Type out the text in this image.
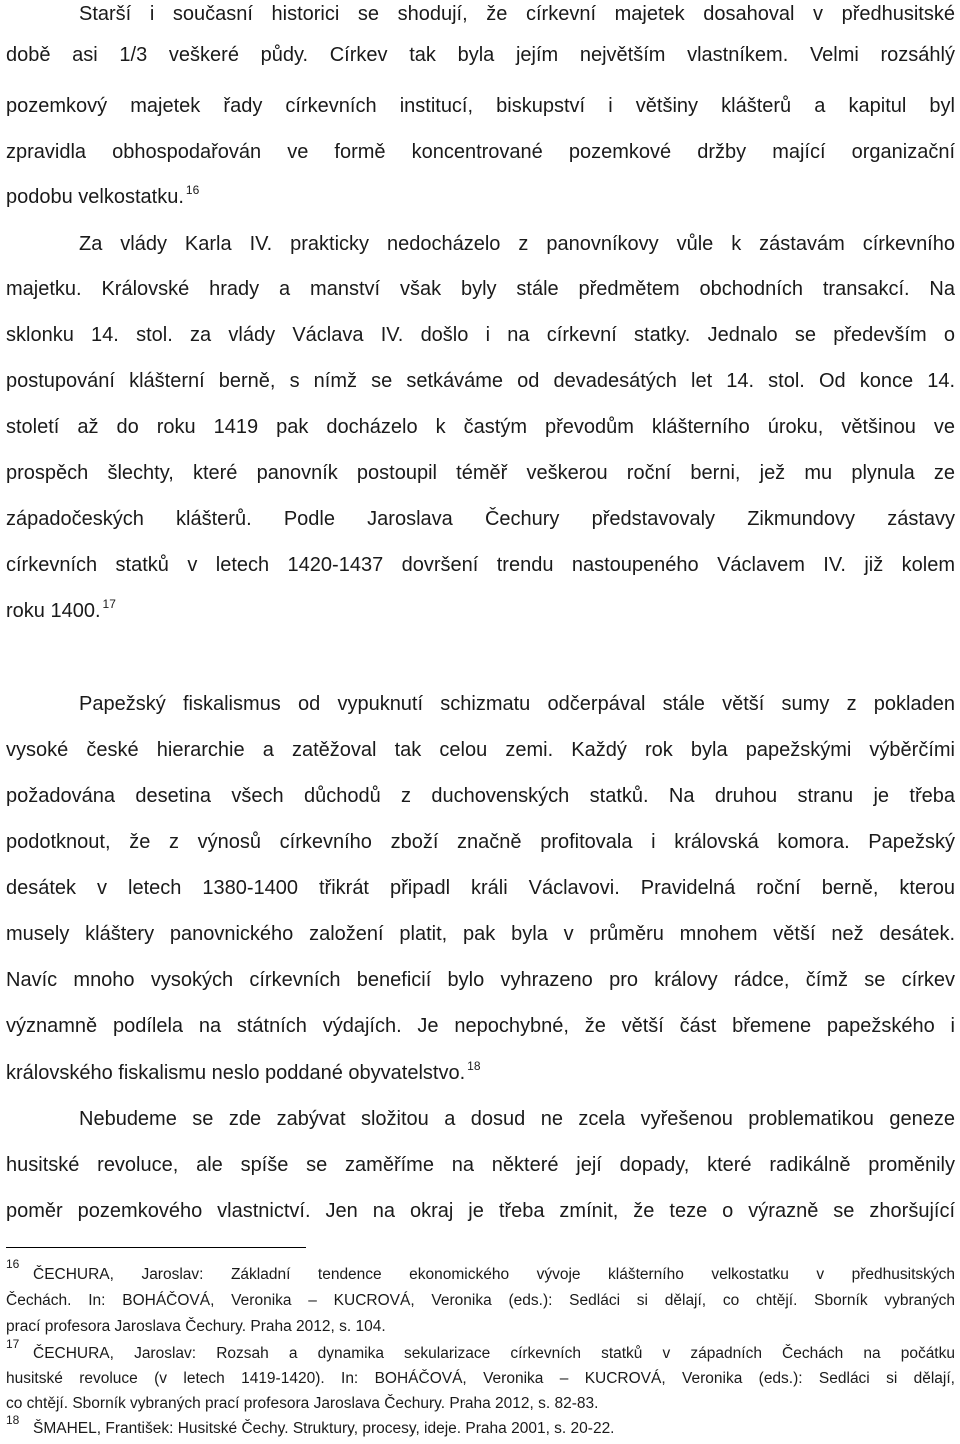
Starší i současní historici se shodují, že církevní majetek dosahoval v předhusitské
době asi 1/3 veškeré půdy. Církev tak byla jejím největším vlastníkem. Velmi rozsáhlý
pozemkový majetek řady církevních institucí, biskupství i většiny klášterů a kapitul byl
zpravidla obhospodařován ve formě koncentrované pozemkové držby mající organizační
podobu velkostatku. $^{16}$
Za vlády Karla IV. prakticky nedocházelo z panovníkovy vůle k zástavám církevního
majetku. Královské hrady a manství však byly stále předmětem obchodních transakcí. Na
sklonku 14. stol. za vlády Václava IV. došlo i na církevní statky. Jednalo se především o
postupování klášterní berně, s nímž se setkáváme od devadesátých let 14. stol. Od konce 14.
století až do roku 1419 pak docházelo k častým převodům klášterního úroku, většinou ve
prospěch šlechty, které panovník postoupil téměř veškerou roční berni, jež mu plynula ze
západočeských klášterů. Podle Jaroslava Čechury představovaly Zikmundovy zástavy
církevních statků v letech 1420-1437 dovršení trendu nastoupeného Václavem IV. již kolem
roku 1400. $^{17}$
Papežský fiskalismus od vypuknutí schizmatu odčerpával stále větší sumy z pokladen
vysoké české hierarchie a zatěžoval tak celou zemi. Každý rok byla papežskými výběrčími
požadována desetina všech důchodů z duchovenských statků. Na druhou stranu je třeba
podotknout, že z výnosů církevního zboží značně profitovala i královská komora. Papežský
desátek v letech 1380-1400 třikrát připadl králi Václavovi. Pravidelná roční berně, kterou
musely kláštery panovnického založení platit, pak byla v průměru mnohem větší než desátek.
Navíc mnoho vysokých církevních beneficií bylo vyhrazeno pro královy rádce, čímž se církev
významně podílela na státních výdajích. Je nepochybné, že větší část břemene papežského i
královského fiskalismu neslo poddané obyvatelstvo. $^{18}$
Nebudeme se zde zabývat složitou a dosud ne zcela vyřešenou problematikou geneze
husitské revoluce, ale spíše se zaměříme na některé její dopady, které radikálně proměnily
poměr pozemkového vlastnictví. Jen na okraj je třeba zmínit, že teze o výrazně se zhoršující
16
ČECHURA, Jaroslav: Základní tendence ekonomického vývoje klášterního velkostatku v předhusitských
Čechách. In: BOHÁČOVÁ, Veronika – KUCROVÁ, Veronika (eds.): Sedláci si dělají, co chtějí. Sborník vybraných
prací profesora Jaroslava Čechury. Praha 2012, s. 104.
17
ČECHURA, Jaroslav: Rozsah a dynamika sekularizace církevních statků v západních Čechách na počátku
husitské revoluce (v letech 1419-1420). In: BOHÁČOVÁ, Veronika – KUCROVÁ, Veronika (eds.): Sedláci si dělají,
co chtějí. Sborník vybraných prací profesora Jaroslava Čechury. Praha 2012, s. 82-83.
18 ŠMAHEL, František: Husitské Čechy. Struktury, procesy, ideje. Praha 2001, s. 20-22.
